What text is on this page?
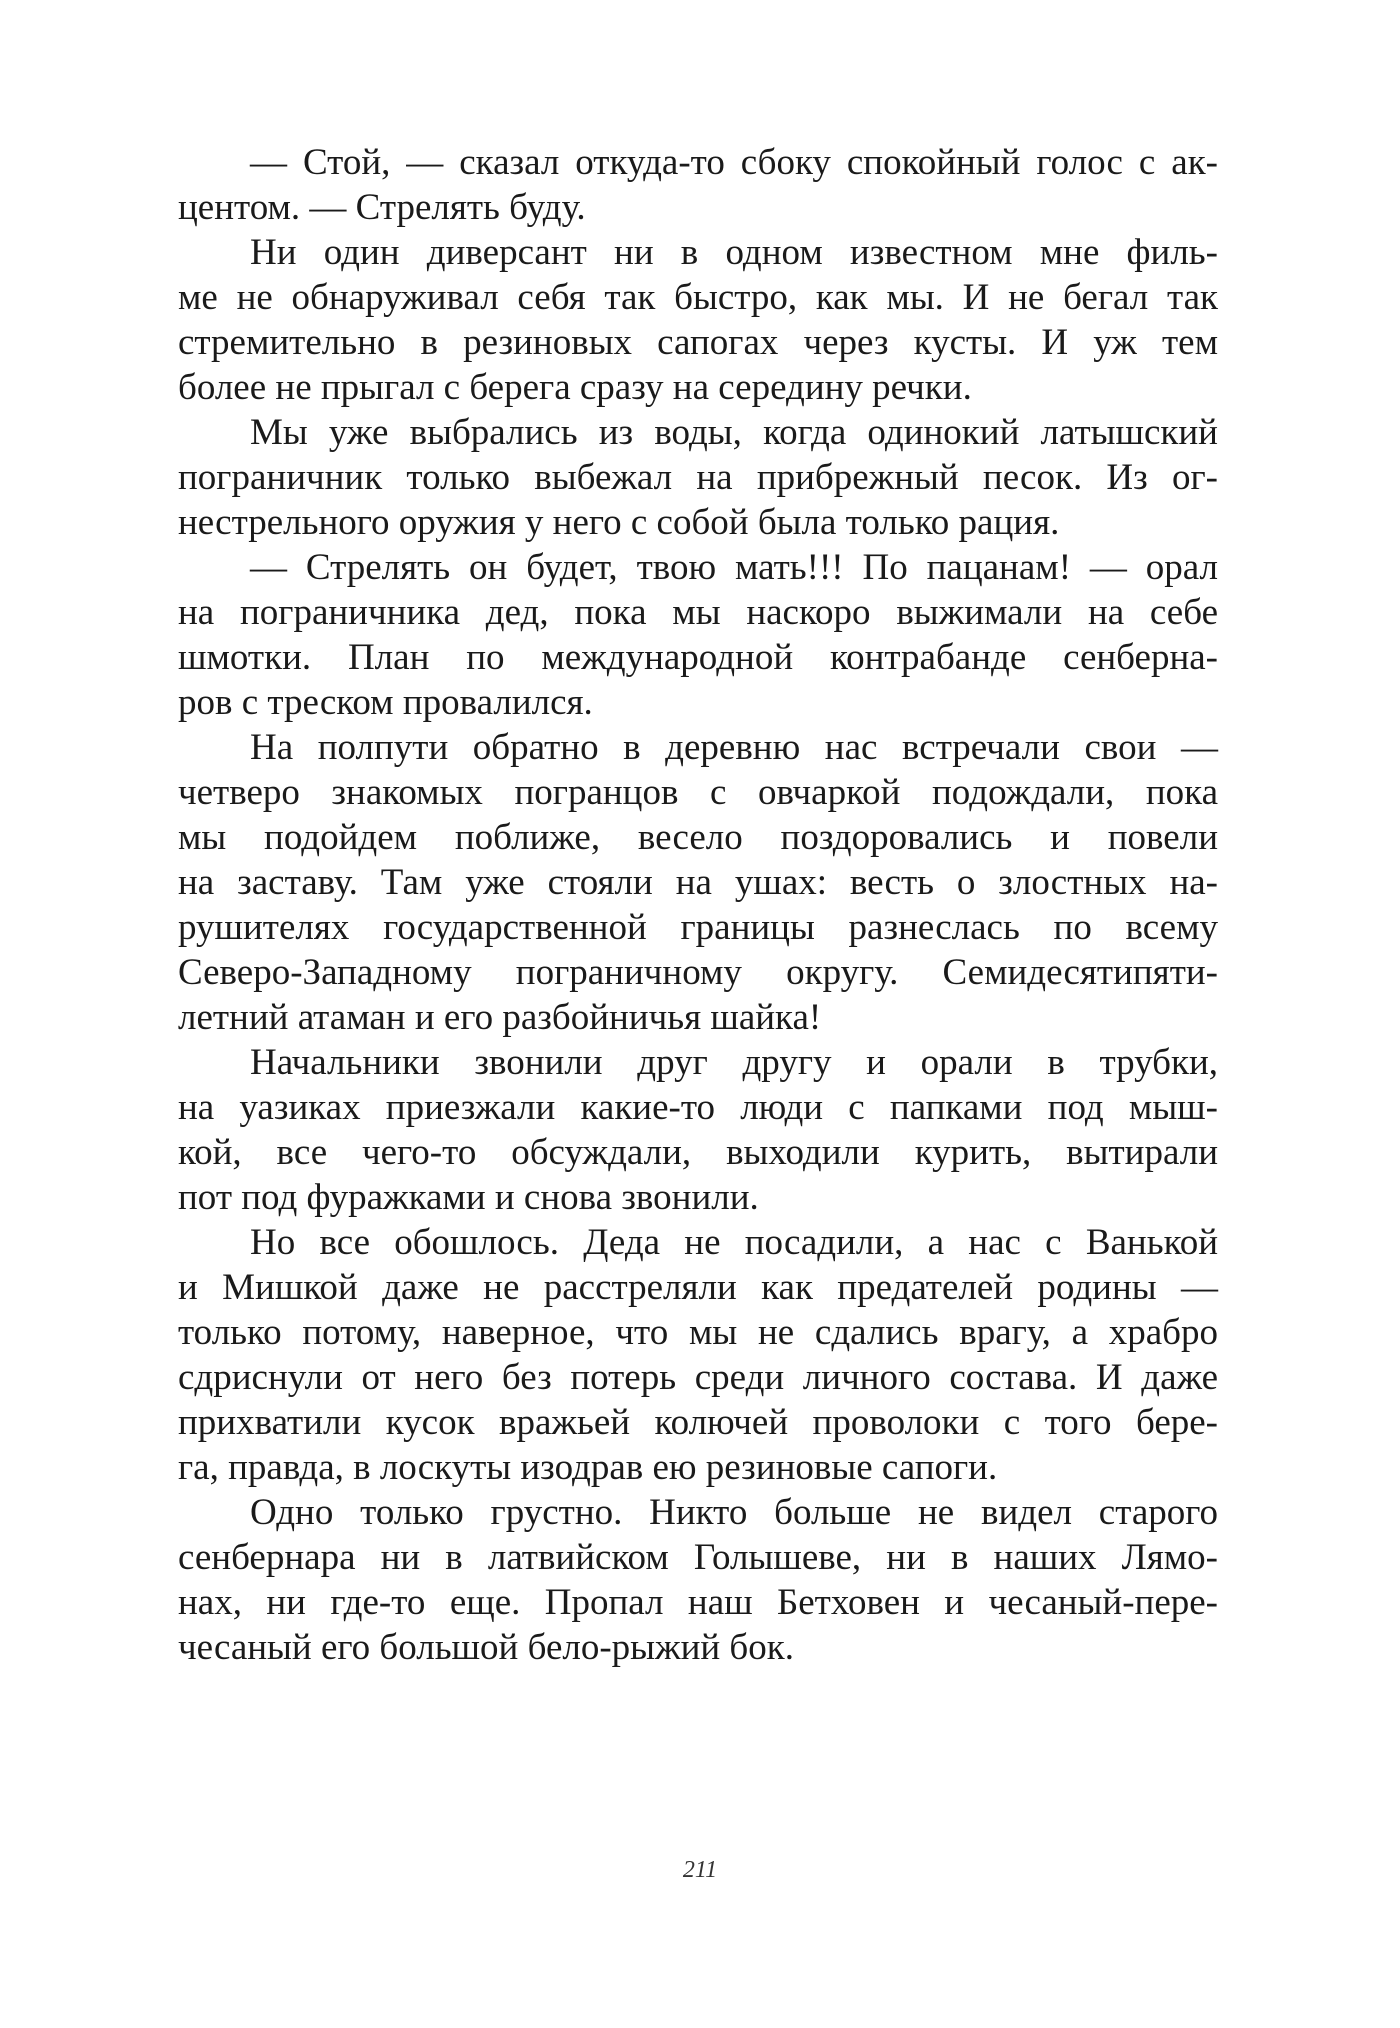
— Стой, — сказал откуда-то сбоку спокойный голос с ак-
центом. — Стрелять буду.
Ни один диверсант ни в одном известном мне филь-
ме не обнаруживал себя так быстро, как мы. И не бегал так
стремительно в резиновых сапогах через кусты. И уж тем
более не прыгал с берега сразу на середину речки.
Мы уже выбрались из воды, когда одинокий латышский
пограничник только выбежал на прибрежный песок. Из ог-
нестрельного оружия у него с собой была только рация.
— Стрелять он будет, твою мать!!! По пацанам! — орал
на пограничника дед, пока мы наскоро выжимали на себе
шмотки. План по международной контрабанде сенберна-
ров с треском провалился.
На полпути обратно в деревню нас встречали свои —
четверо знакомых погранцов с овчаркой подождали, пока
мы подойдем поближе, весело поздоровались и повели
на заставу. Там уже стояли на ушах: весть о злостных на-
рушителях государственной границы разнеслась по всему
Северо-Западному пограничному округу. Семидесятипяти-
летний атаман и его разбойничья шайка!
Начальники звонили друг другу и орали в трубки,
на уазиках приезжали какие-то люди с папками под мыш-
кой, все чего-то обсуждали, выходили курить, вытирали
пот под фуражками и снова звонили.
Но все обошлось. Деда не посадили, а нас с Ванькой
и Мишкой даже не расстреляли как предателей родины —
только потому, наверное, что мы не сдались врагу, а храбро
сдриснули от него без потерь среди личного состава. И даже
прихватили кусок вражьей колючей проволоки с того бере-
га, правда, в лоскуты изодрав ею резиновые сапоги.
Одно только грустно. Никто больше не видел старого
сенбернара ни в латвийском Голышеве, ни в наших Лямо-
нах, ни где-то еще. Пропал наш Бетховен и чесаный-пере-
чесаный его большой бело-рыжий бок.
211
